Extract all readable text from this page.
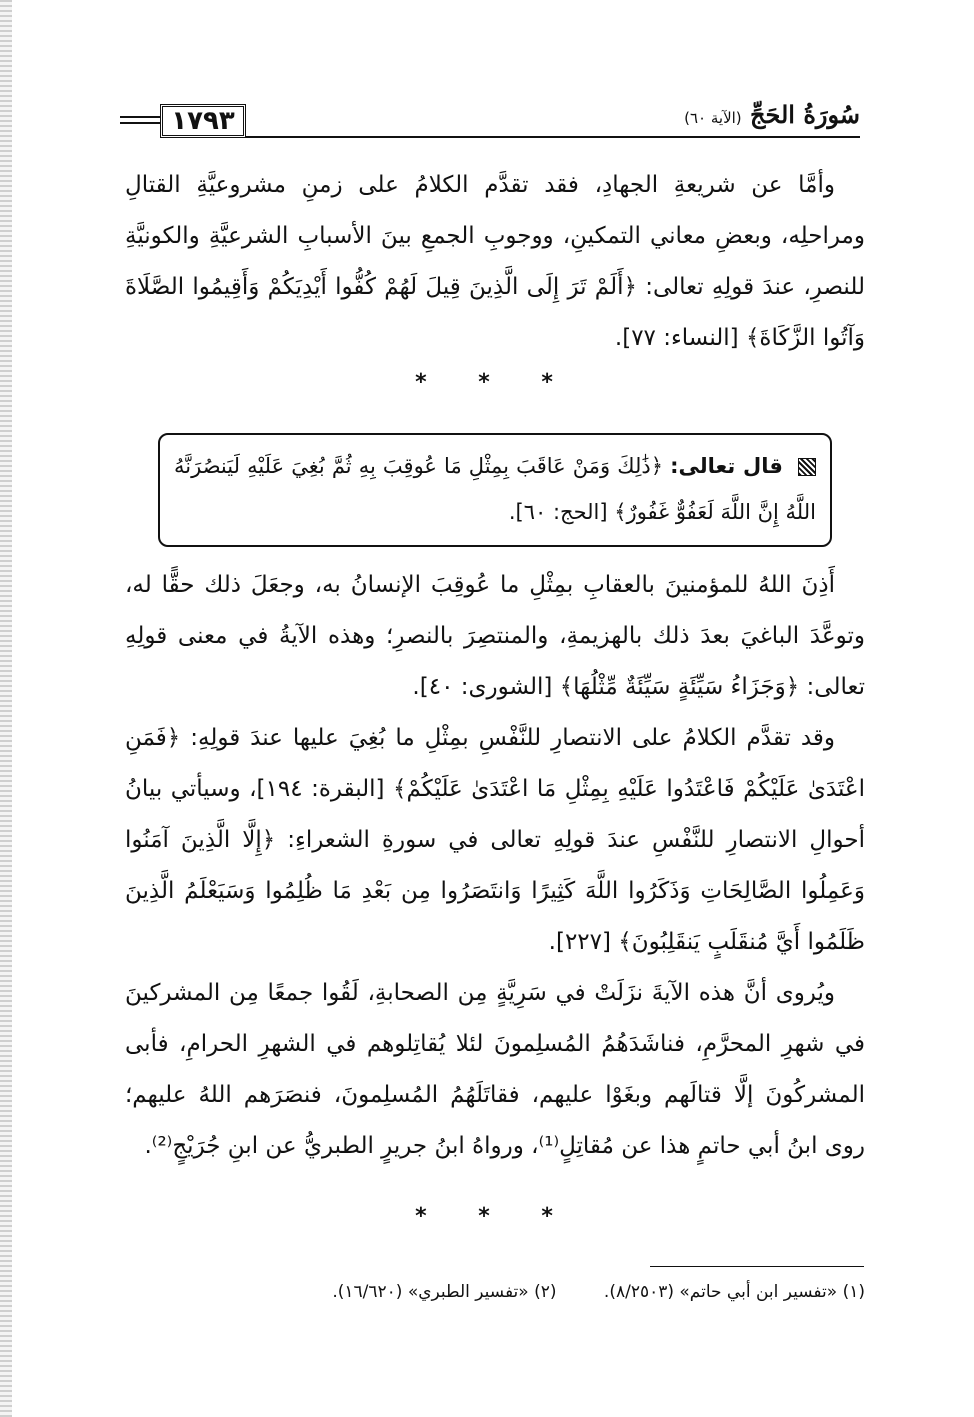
١٧٩٣	سُورَةُ الحَجِّ (الآية ٦٠)

وأمَّا عن شريعةِ الجهادِ، فقد تقدَّم الكلامُ على زمنِ مشروعيَّةِ القتالِ ومراحلِه، وبعضِ معاني التمكينِ، ووجوبِ الجمعِ بينَ الأسبابِ الشرعيَّةِ والكونيَّةِ للنصرِ، عندَ قولِهِ تعالى: ﴿أَلَمْ تَرَ إِلَى الَّذِينَ قِيلَ لَهُمْ كُفُّوا أَيْدِيَكُمْ وَأَقِيمُوا الصَّلَاةَ وَآتُوا الزَّكَاةَ﴾ [النساء: ٧٧].

* * *
قال تعالى: ﴿ذَٰلِكَ وَمَنْ عَاقَبَ بِمِثْلِ مَا عُوقِبَ بِهِ ثُمَّ بُغِيَ عَلَيْهِ لَيَنصُرَنَّهُ اللَّهُ إِنَّ اللَّهَ لَعَفُوٌّ غَفُورٌ﴾ [الحج: ٦٠].

أَذِنَ اللهُ للمؤمنينَ بالعقابِ بمِثْلِ ما عُوقِبَ الإنسانُ به، وجعَلَ ذلك حقًّا له، وتوعَّدَ الباغيَ بعدَ ذلك بالهزيمةِ، والمنتصِرَ بالنصرِ؛ وهذه الآيةُ في معنى قولِهِ تعالى: ﴿وَجَزَاءُ سَيِّئَةٍ سَيِّئَةٌ مِّثْلُهَا﴾ [الشورى: ٤٠].

وقد تقدَّم الكلامُ على الانتصارِ للنَّفْسِ بمِثْلِ ما بُغِيَ عليها عندَ قولِهِ: ﴿فَمَنِ اعْتَدَىٰ عَلَيْكُمْ فَاعْتَدُوا عَلَيْهِ بِمِثْلِ مَا اعْتَدَىٰ عَلَيْكُمْ﴾ [البقرة: ١٩٤]، وسيأتي بيانُ أحوالِ الانتصارِ للنَّفْسِ عندَ قولِهِ تعالى في سورةِ الشعراءِ: ﴿إِلَّا الَّذِينَ آمَنُوا وَعَمِلُوا الصَّالِحَاتِ وَذَكَرُوا اللَّهَ كَثِيرًا وَانتَصَرُوا مِن بَعْدِ مَا ظُلِمُوا وَسَيَعْلَمُ الَّذِينَ ظَلَمُوا أَيَّ مُنقَلَبٍ يَنقَلِبُونَ﴾ [٢٢٧].

ويُروى أنَّ هذه الآيةَ نزَلَتْ في سَرِيَّةٍ مِن الصحابةِ، لَقُوا جمعًا مِن المشركينَ في شهرِ المحرَّمِ، فناشَدَهُمُ المُسلِمونَ لئلا يُقاتِلوهم في الشهرِ الحرامِ، فأبى المشركُونَ إلَّا قتالَهم وبغَوْا عليهم، فقاتَلَهُمُ المُسلِمونَ، فنصَرَهم اللهُ عليهم؛ روى ابنُ أبي حاتمٍ هذا عن مُقاتِلٍ⁽¹⁾، ورواهُ ابنُ جريرٍ الطبريُّ عن ابنِ جُرَيْجٍ⁽²⁾.

* * *
(١) «تفسير ابن أبي حاتم» (٨/٢٥٠٣). (٢) «تفسير الطبري» (١٦/٦٢٠).
